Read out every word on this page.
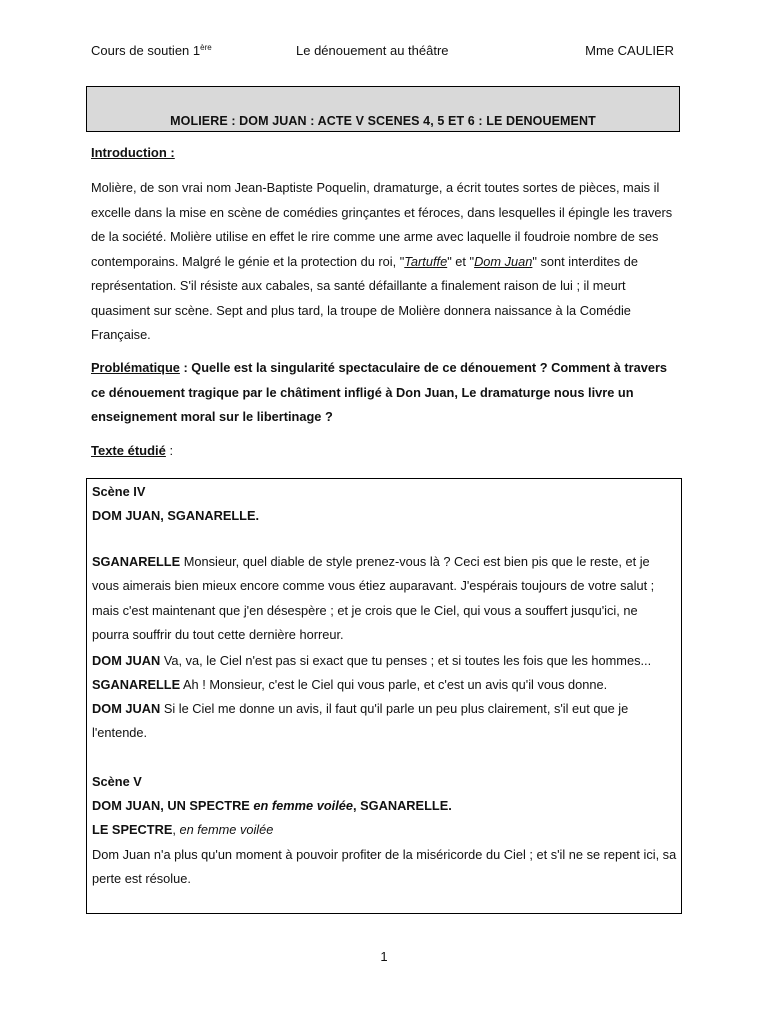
Cours de soutien 1ère	Le dénouement au théâtre	Mme CAULIER
MOLIERE : DOM JUAN : ACTE V SCENES 4, 5 ET 6 : LE DENOUEMENT
Introduction :
Molière, de son vrai nom Jean-Baptiste Poquelin, dramaturge, a écrit toutes sortes de pièces, mais il excelle dans la mise en scène de comédies grinçantes et féroces, dans lesquelles il épingle les travers de la société. Molière utilise en effet le rire comme une arme avec laquelle il foudroie nombre de ses contemporains. Malgré le génie et la protection du roi, "Tartuffe" et "Dom Juan" sont interdites de représentation. S'il résiste aux cabales, sa santé défaillante a finalement raison de lui ; il meurt quasiment sur scène. Sept and plus tard, la troupe de Molière donnera naissance à la Comédie Française.
Problématique : Quelle est la singularité spectaculaire de ce dénouement ? Comment à travers ce dénouement tragique par le châtiment infligé à Don Juan, Le dramaturge nous livre un enseignement moral sur le libertinage ?
Texte étudié :
Scène IV
DOM JUAN, SGANARELLE.
SGANARELLE Monsieur, quel diable de style prenez-vous là ? Ceci est bien pis que le reste, et je vous aimerais bien mieux encore comme vous étiez auparavant. J'espérais toujours de votre salut ; mais c'est maintenant que j'en désespère ; et je crois que le Ciel, qui vous a souffert jusqu'ici, ne pourra souffrir du tout cette dernière horreur.
DOM JUAN Va, va, le Ciel n'est pas si exact que tu penses ; et si toutes les fois que les hommes...
SGANARELLE Ah ! Monsieur, c'est le Ciel qui vous parle, et c'est un avis qu'il vous donne.
DOM JUAN Si le Ciel me donne un avis, il faut qu'il parle un peu plus clairement, s'il eut que je l'entende.
Scène V
DOM JUAN, UN SPECTRE en femme voilée, SGANARELLE.
LE SPECTRE, en femme voilée
Dom Juan n'a plus qu'un moment à pouvoir profiter de la miséricorde du Ciel ; et s'il ne se repent ici, sa perte est résolue.
1
